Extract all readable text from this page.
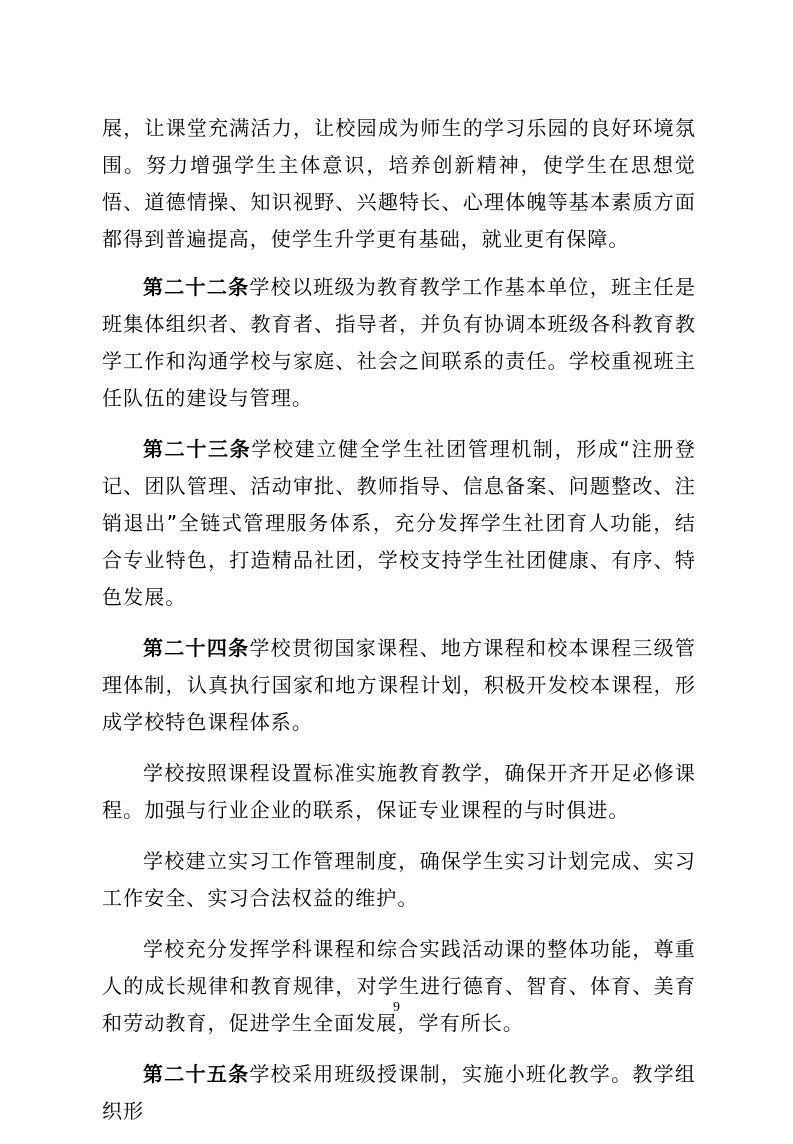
展，让课堂充满活力，让校园成为师生的学习乐园的良好环境氛围。努力增强学生主体意识，培养创新精神，使学生在思想觉悟、道德情操、知识视野、兴趣特长、心理体魄等基本素质方面都得到普遍提高，使学生升学更有基础，就业更有保障。

第二十二条学校以班级为教育教学工作基本单位，班主任是班集体组织者、教育者、指导者，并负有协调本班级各科教育教学工作和沟通学校与家庭、社会之间联系的责任。学校重视班主任队伍的建设与管理。

第二十三条学校建立健全学生社团管理机制，形成“注册登记、团队管理、活动审批、教师指导、信息备案、问题整改、注销退出”全链式管理服务体系，充分发挥学生社团育人功能，结合专业特色，打造精品社团，学校支持学生社团健康、有序、特色发展。

第二十四条学校贯彻国家课程、地方课程和校本课程三级管理体制，认真执行国家和地方课程计划，积极开发校本课程，形成学校特色课程体系。

学校按照课程设置标准实施教育教学，确保开齐开足必修课程。加强与行业企业的联系，保证专业课程的与时俱进。

学校建立实习工作管理制度，确保学生实习计划完成、实习工作安全、实习合法权益的维护。

学校充分发挥学科课程和综合实践活动课的整体功能，尊重人的成长规律和教育规律，对学生进行德育、智育、体育、美育和劳动教育，促进学生全面发展，学有所长。

第二十五条学校采用班级授课制，实施小班化教学。教学组织形

9
